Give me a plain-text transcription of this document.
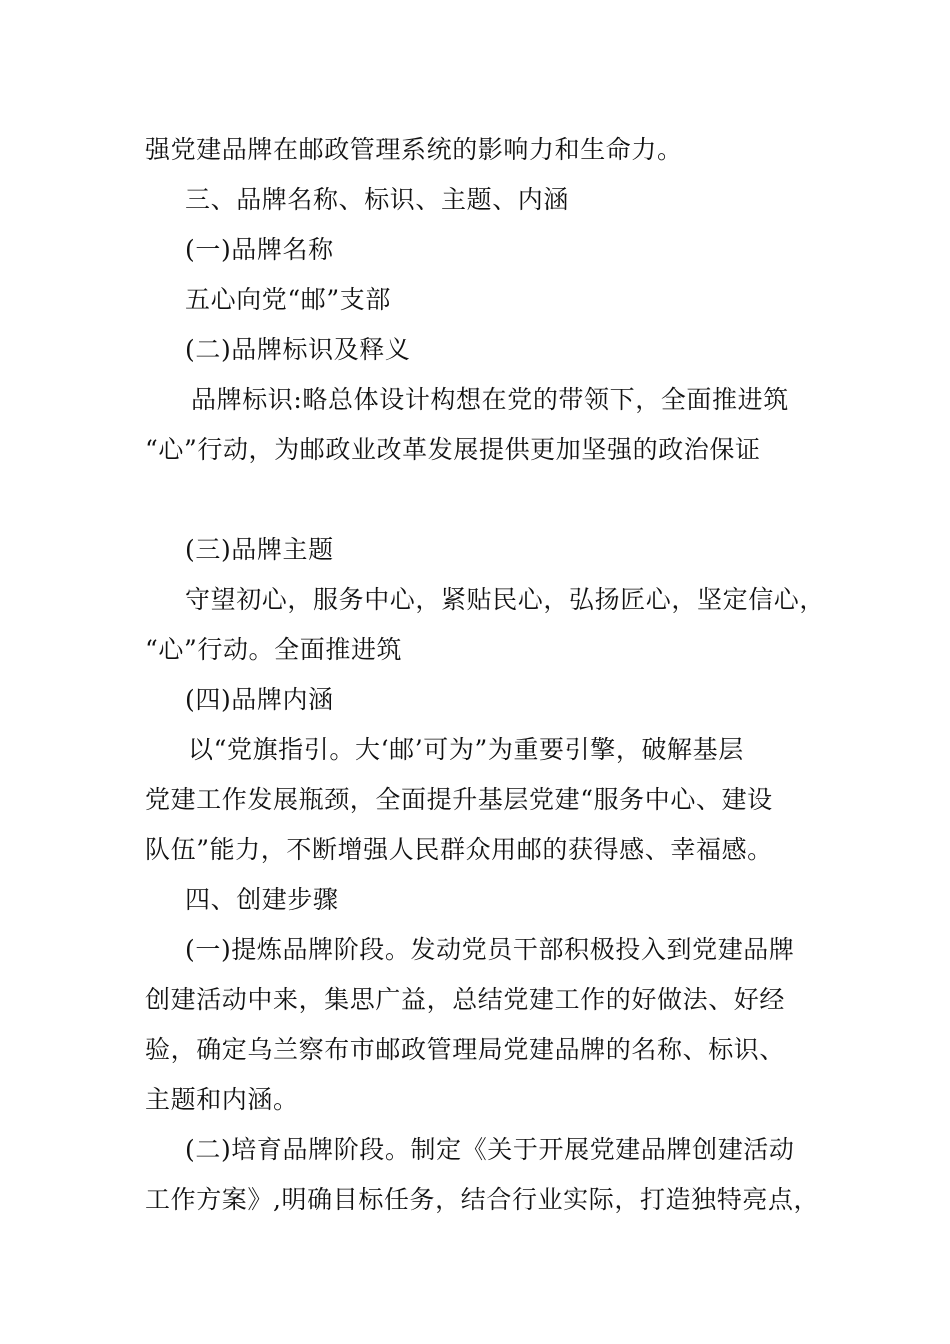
强党建品牌在邮政管理系统的影响力和生命力。
三、品牌名称、标识、主题、内涵
(一)品牌名称
五心向党“邮”支部
(二)品牌标识及释义
品牌标识:略总体设计构想在党的带领下，全面推进筑
“心”行动，为邮政业改革发展提供更加坚强的政治保证
(三)品牌主题
守望初心，服务中心，紧贴民心，弘扬匠心，坚定信心，
“心”行动。全面推进筑
(四)品牌内涵
以“党旗指引。大‘邮’可为”为重要引擎，破解基层
党建工作发展瓶颈，全面提升基层党建“服务中心、建设
队伍”能力，不断增强人民群众用邮的获得感、幸福感。
四、创建步骤
(一)提炼品牌阶段。发动党员干部积极投入到党建品牌
创建活动中来，集思广益，总结党建工作的好做法、好经
验，确定乌兰察布市邮政管理局党建品牌的名称、标识、
主题和内涵。
(二)培育品牌阶段。制定《关于开展党建品牌创建活动
工作方案》,明确目标任务，结合行业实际，打造独特亮点，
